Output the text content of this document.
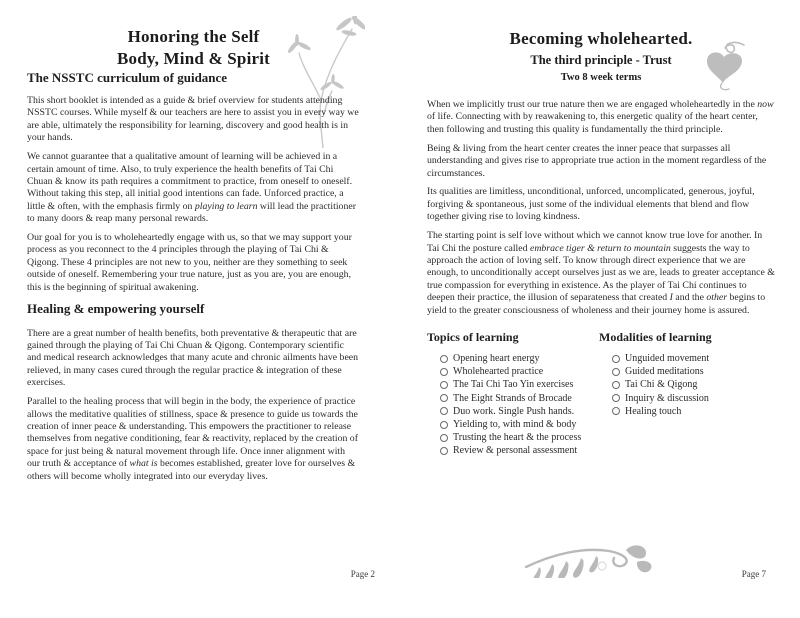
Honoring the Self
Body, Mind & Spirit
The NSSTC curriculum of guidance

This short booklet is intended as a guide & brief overview for students attending NSSTC courses. While myself & our teachers are here to assist you in every way we are able, ultimately the responsibility for learning, discovery and good health is in your hands.

We cannot guarantee that a qualitative amount of learning will be achieved in a certain amount of time. Also, to truly experience the health benefits of Tai Chi Chuan & know its path requires a commitment to practice, from oneself to oneself. Without taking this step, all initial good intentions can fade. Unforced practice, a little & often, with the emphasis firmly on playing to learn will lead the practitioner to many doors & reap many personal rewards.

Our goal for you is to wholeheartedly engage with us, so that we may support your process as you reconnect to the 4 principles through the playing of Tai Chi & Qigong. These 4 principles are not new to you, neither are they something to seek outside of oneself. Remembering your true nature, just as you are, you are enough, this is the beginning of spiritual awakening.

Healing & empowering yourself

There are a great number of health benefits, both preventative & therapeutic that are gained through the playing of Tai Chi Chuan & Qigong. Contemporary scientific and medical research acknowledges that many acute and chronic ailments have been relieved, in many cases cured through the regular practice & integration of these exercises.

Parallel to the healing process that will begin in the body, the experience of practice allows the meditative qualities of stillness, space & presence to guide us towards the creation of inner peace & understanding. This empowers the practitioner to release themselves from negative conditioning, fear & reactivity, replaced by the creation of space for just being & natural movement through life. Once inner alignment with our truth & acceptance of what is becomes established, greater love for ourselves & others will become wholly integrated into our everyday lives.

Page 2
Becoming wholehearted.
The third principle - Trust
Two 8 week terms

When we implicitly trust our true nature then we are engaged wholeheartedly in the now of life. Connecting with by reawakening to, this energetic quality of the heart center, then following and trusting this quality is fundamentally the third principle.

Being & living from the heart center creates the inner peace that surpasses all understanding and gives rise to appropriate true action in the moment regardless of the circumstances.

Its qualities are limitless, unconditional, unforced, uncomplicated, generous, joyful, forgiving & spontaneous, just some of the individual elements that blend and flow together giving rise to loving kindness.

The starting point is self love without which we cannot know true love for another. In Tai Chi the posture called embrace tiger & return to mountain suggests the way to approach the action of loving self. To know through direct experience that we are enough, to unconditionally accept ourselves just as we are, leads to greater acceptance & true compassion for everything in existence. As the player of Tai Chi continues to deepen their practice, the illusion of separateness that created I and the other begins to yield to the greater consciousness of wholeness and their journey home is assured.

Topics of learning
Opening heart energy
Wholehearted practice
The Tai Chi Tao Yin exercises
The Eight Strands of Brocade
Duo work. Single Push hands.
Yielding to, with mind & body
Trusting the heart & the process
Review & personal assessment
Modalities of learning
Unguided movement
Guided meditations
Tai Chi & Qigong
Inquiry & discussion
Healing touch
Page 7
